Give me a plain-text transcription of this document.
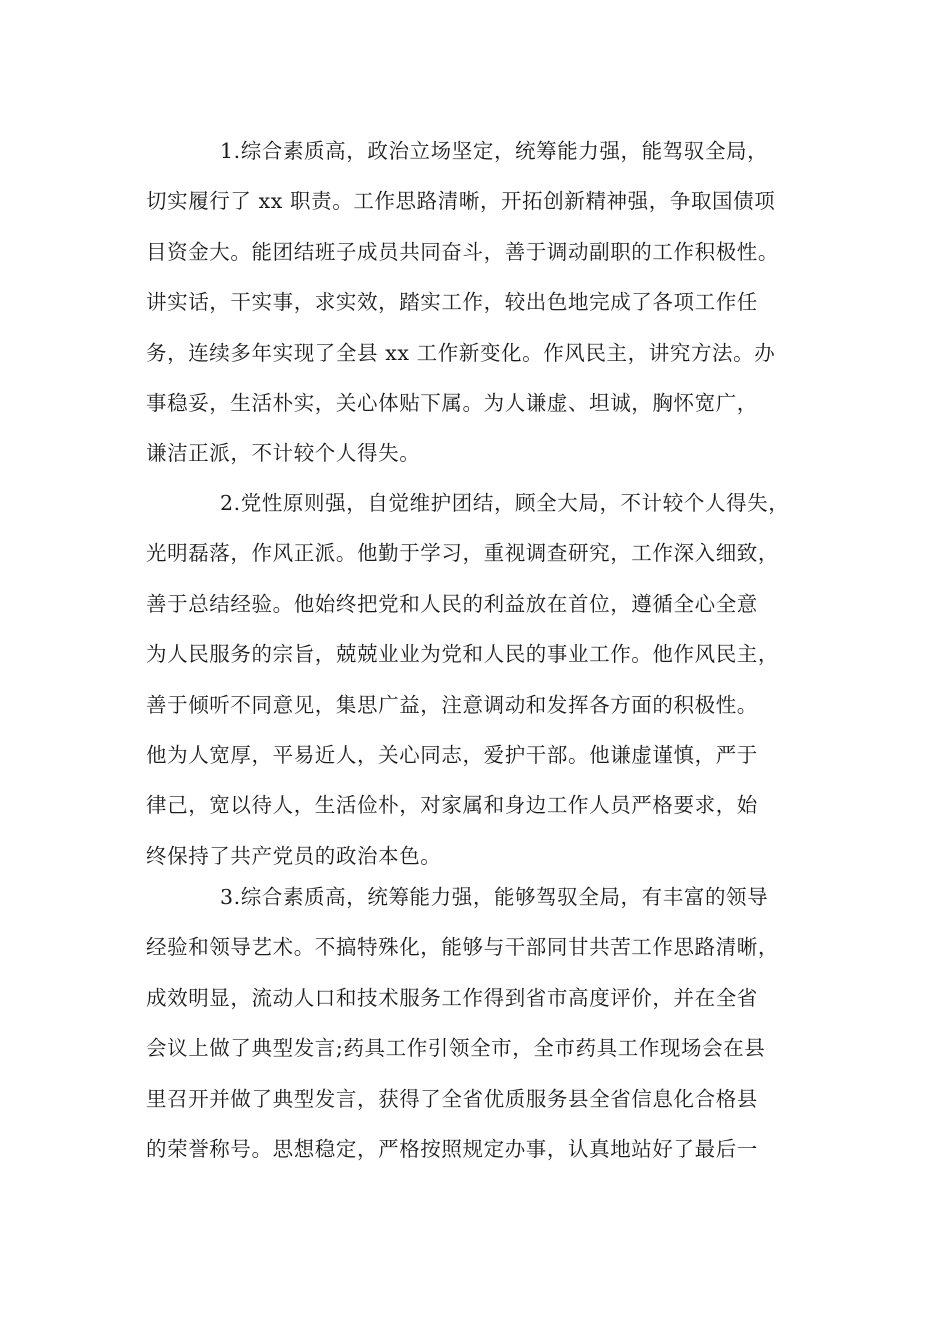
1.综合素质高，政治立场坚定，统筹能力强，能驾驭全局，
切实履行了 xx 职责。工作思路清晰，开拓创新精神强，争取国债项
目资金大。能团结班子成员共同奋斗，善于调动副职的工作积极性。
讲实话，干实事，求实效，踏实工作，较出色地完成了各项工作任
务，连续多年实现了全县 xx 工作新变化。作风民主，讲究方法。办
事稳妥，生活朴实，关心体贴下属。为人谦虚、坦诚，胸怀宽广，
谦洁正派，不计较个人得失。
2.党性原则强，自觉维护团结，顾全大局，不计较个人得失，
光明磊落，作风正派。他勤于学习，重视调查研究，工作深入细致，
善于总结经验。他始终把党和人民的利益放在首位，遵循全心全意
为人民服务的宗旨，兢兢业业为党和人民的事业工作。他作风民主，
善于倾听不同意见，集思广益，注意调动和发挥各方面的积极性。
他为人宽厚，平易近人，关心同志，爱护干部。他谦虚谨慎，严于
律己，宽以待人，生活俭朴，对家属和身边工作人员严格要求，始
终保持了共产党员的政治本色。
3.综合素质高，统筹能力强，能够驾驭全局，有丰富的领导
经验和领导艺术。不搞特殊化，能够与干部同甘共苦工作思路清晰，
成效明显，流动人口和技术服务工作得到省市高度评价，并在全省
会议上做了典型发言;药具工作引领全市，全市药具工作现场会在县
里召开并做了典型发言，获得了全省优质服务县全省信息化合格县
的荣誉称号。思想稳定，严格按照规定办事，认真地站好了最后一
